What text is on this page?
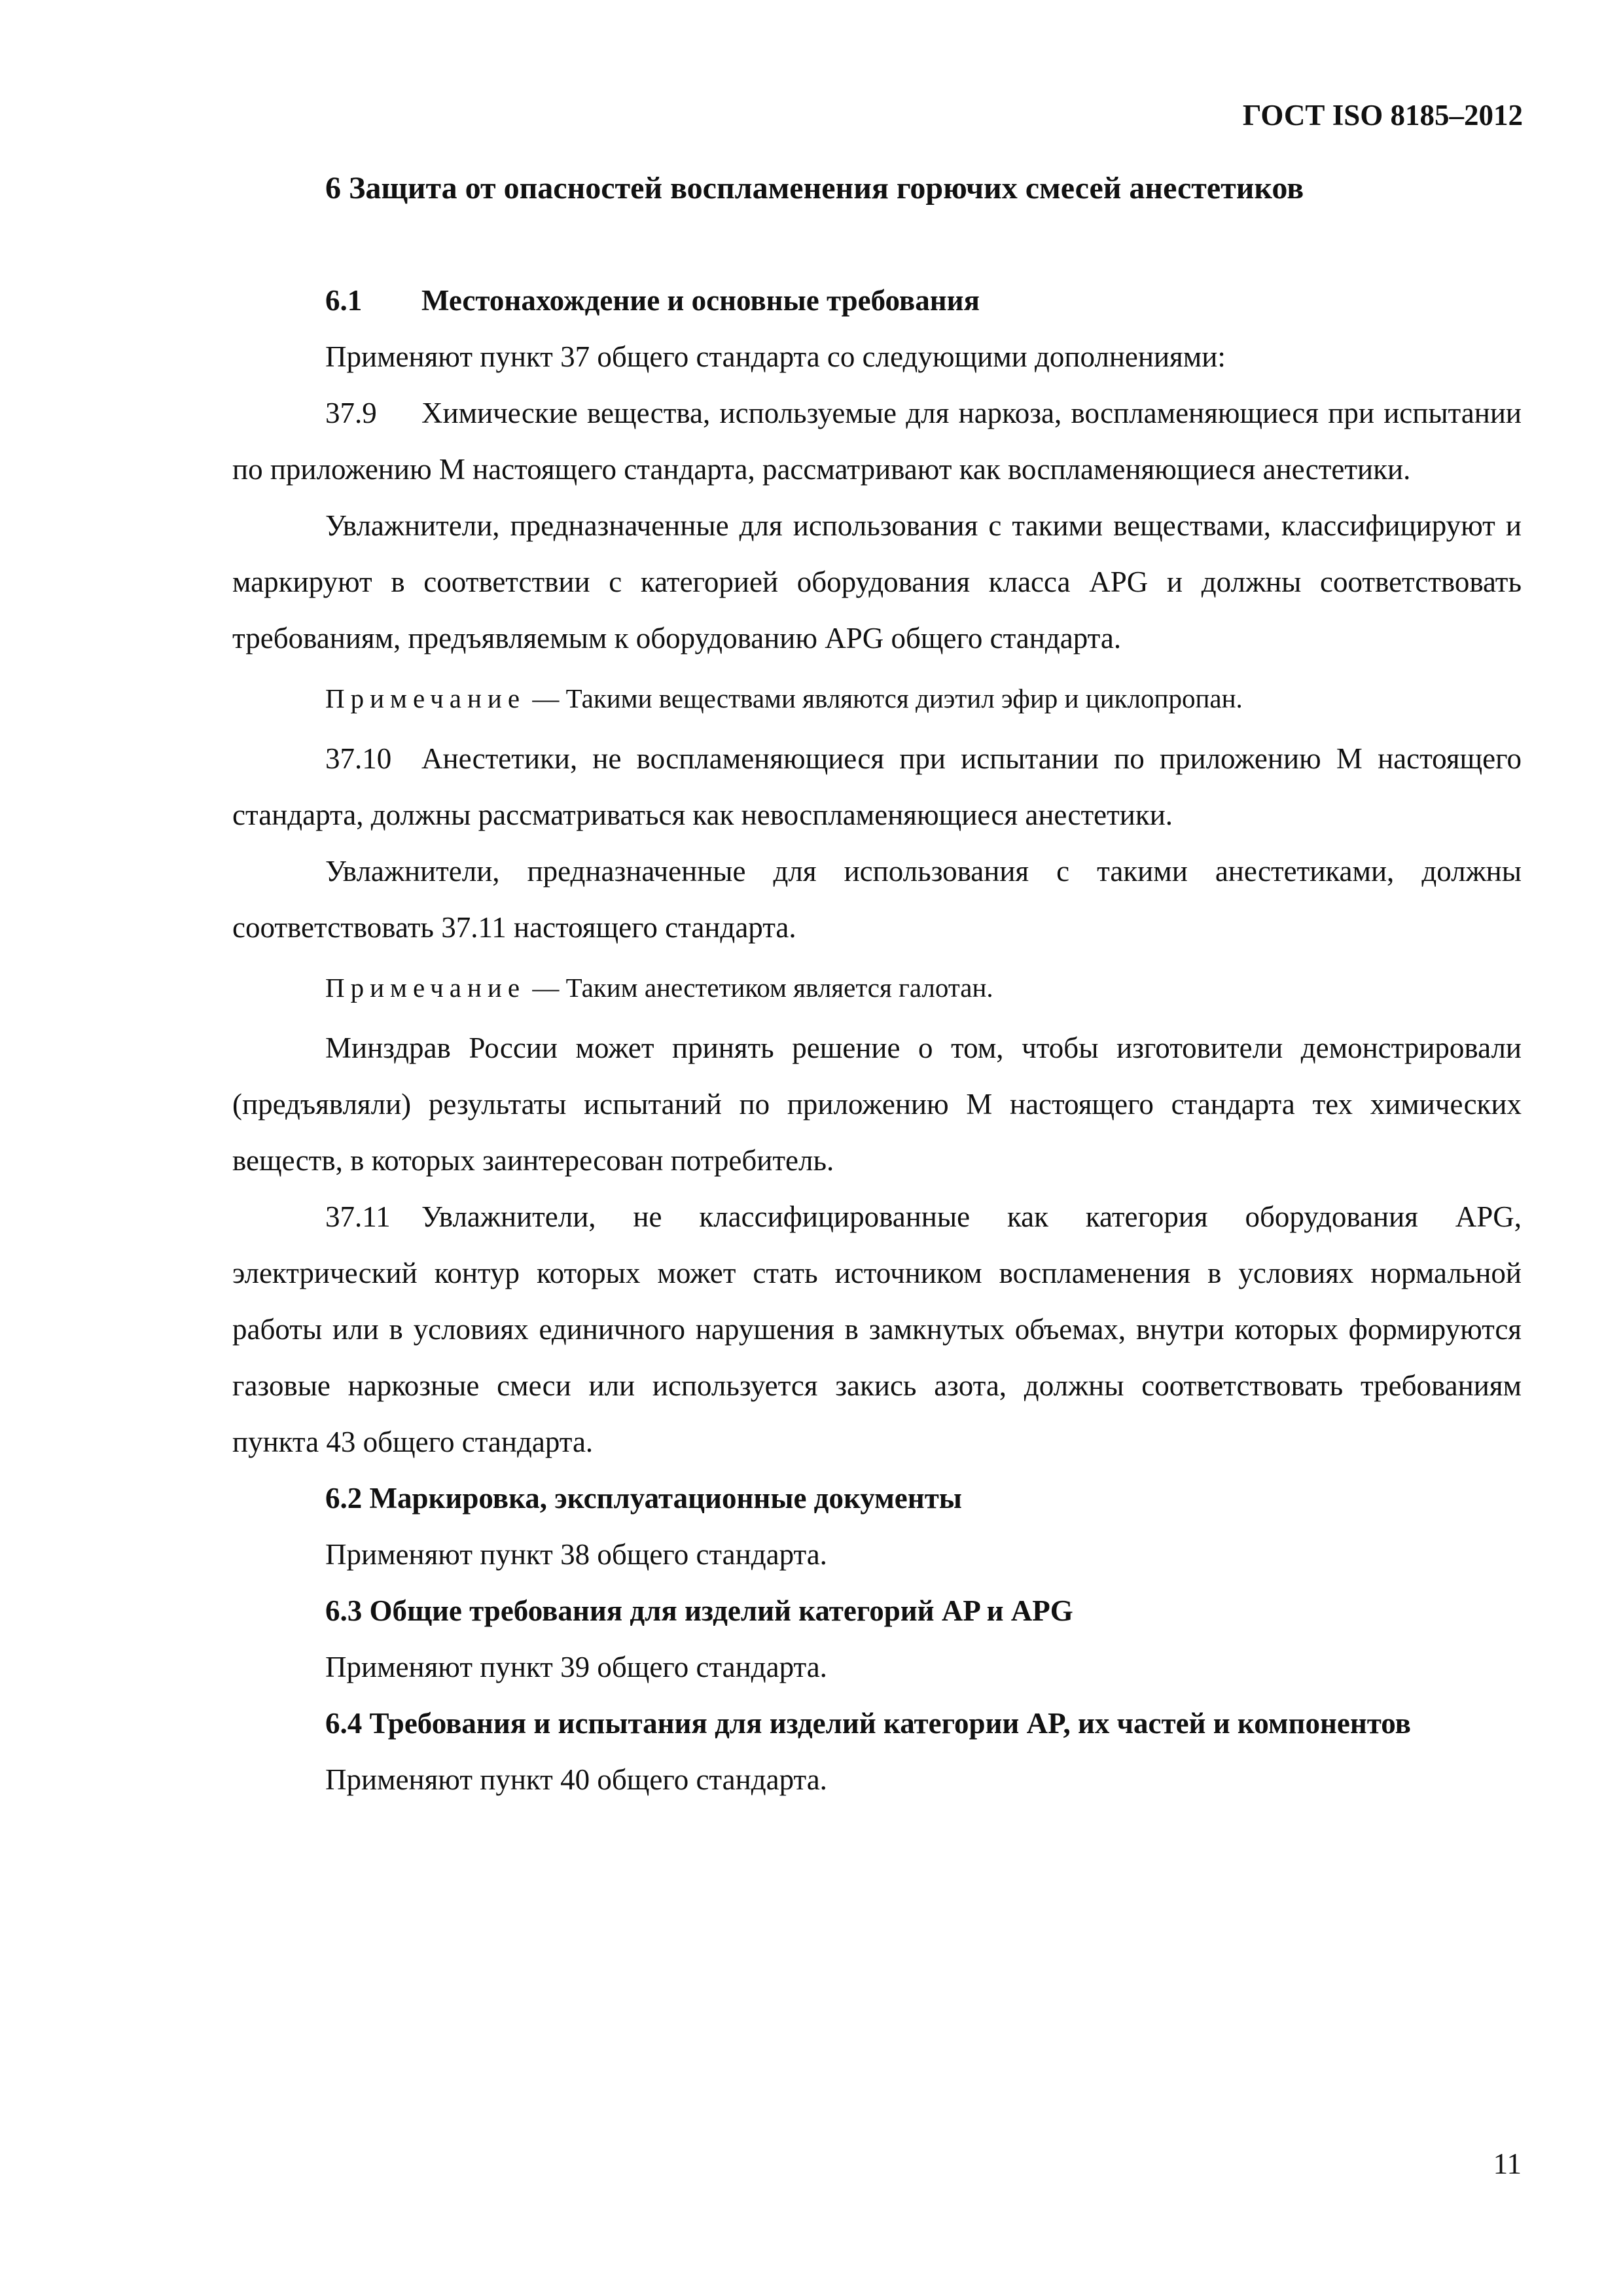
ГОСТ ISO 8185–2012
6 Защита от опасностей воспламенения горючих смесей анестетиков
6.1	Местонахождение и основные требования

Применяют пункт 37 общего стандарта со следующими дополнениями:

37.9 Химические вещества, используемые для наркоза, воспламеняющиеся при испытании по приложению М настоящего стандарта, рассматривают как воспламеняющиеся анестетики.

Увлажнители, предназначенные для использования с такими веществами, классифицируют и маркируют в соответствии с категорией оборудования класса APG и должны соответствовать требованиям, предъявляемым к оборудованию APG общего стандарта.

Примечание — Такими веществами являются диэтил эфир и циклопропан.

37.10 Анестетики, не воспламеняющиеся при испытании по приложению М настоящего стандарта, должны рассматриваться как невоспламеняющиеся анестетики.

Увлажнители, предназначенные для использования с такими анестетиками, должны соответствовать 37.11 настоящего стандарта.

Примечание — Таким анестетиком является галотан.

Минздрав России может принять решение о том, чтобы изготовители демонстрировали (предъявляли) результаты испытаний по приложению М настоящего стандарта тех химических веществ, в которых заинтересован потребитель.

37.11 Увлажнители, не классифицированные как категория оборудования APG, электрический контур которых может стать источником воспламенения в условиях нормальной работы или в условиях единичного нарушения в замкнутых объемах, внутри которых формируются газовые наркозные смеси или используется закись азота, должны соответствовать требованиям пункта 43 общего стандарта.

6.2 Маркировка, эксплуатационные документы

Применяют пункт 38 общего стандарта.

6.3 Общие требования для изделий категорий AP и APG

Применяют пункт 39 общего стандарта.

6.4 Требования и испытания для изделий категории AP, их частей и компонентов

Применяют пункт 40 общего стандарта.

11
